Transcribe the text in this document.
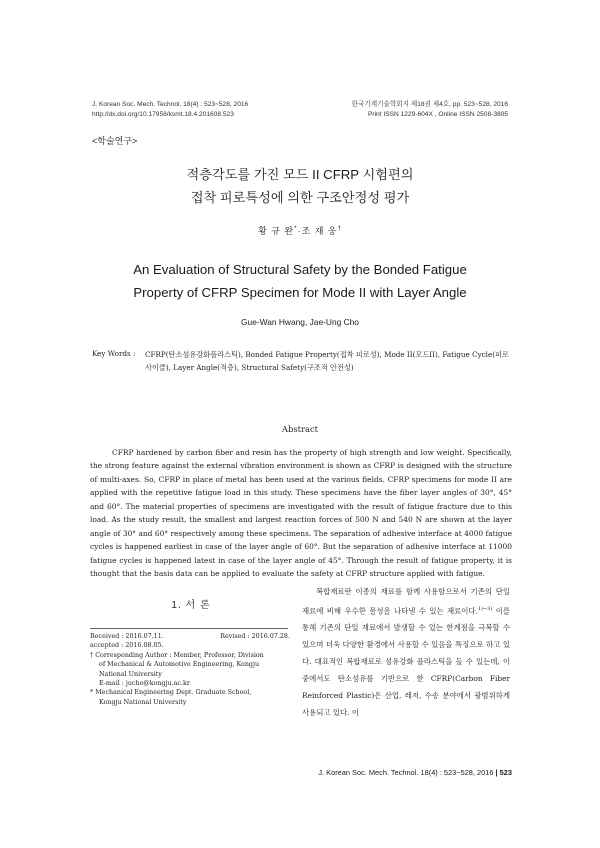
J. Korean Soc. Mech. Technol. 18(4) : 523~528, 2016
http://dx.doi.org/10.17958/ksmt.18.4.201608.523
한국기계기술학회지 제18권 제4호, pp. 523~528, 2016
Print ISSN 1229-604X , Online ISSN 2508-3805
<학술연구>
적층각도를 가진 모드 II CFRP 시험편의
접착 피로특성에 의한 구조안정성 평가
황 규 완*·조 재 웅†
An Evaluation of Structural Safety by the Bonded Fatigue
Property of CFRP Specimen for Mode II with Layer Angle
Gue-Wan Hwang, Jae-Ung Cho
Key Words : CFRP(탄소섬유강화플라스틱), Bonded Fatigue Property(접착 피로성), Mode II(모드II), Fatigue Cycle(피로 사이클), Layer Angle(적층), Structural Safety(구조적 안전성)
Abstract
CFRP hardened by carbon fiber and resin has the property of high strength and low weight. Specifically, the strong feature against the external vibration environment is shown as CFRP is designed with the structure of multi-axes. So, CFRP in place of metal has been used at the various fields. CFRP specimens for mode II are applied with the repetitive fatigue load in this study. These specimens have the fiber layer angles of 30°, 45° and 60°. The material properties of specimens are investigated with the result of fatigue fracture due to this load. As the study result, the smallest and largest reaction forces of 500 N and 540 N are shown at the layer angle of 30° and 60° respectively among these specimens. The separation of adhesive interface at 4000 fatigue cycles is happened earliest in case of the layer angle of 60°. But the separation of adhesive interface at 11000 fatigue cycles is happened latest in case of the layer angle of 45°. Through the result of fatigue property, it is thought that the basis data can be applied to evaluate the safety at CFRP structure applied with fatigue.
1. 서 론
Received : 2016.07.11.	Revised : 2016.07.28.
accepted : 2016.08.05.
† Corresponding Author : Member, Professor, Division
of Mechanical & Automotive Engineering, Kongju
National University
E-mail : jucho@kongju.ac.kr
* Mechanical Engineering Dept. Graduate School,
Kongju National University

복합재료란 이종의 재료를 함께 사용함으로서 기존의 단일 재료에 비해 우수한 물성을 나타낼 수 있는 재료이다.$^{1)\sim 3)}$ 이를 통해 기존의 단일 재료에서 발생할 수 있는 한계점을 극복할 수 있으며 더욱 다양한 환경에서 사용할 수 있음을 특징으로 하고 있다. 대표적인 복합재료로 섬유강화 플라스틱을 들 수 있는데, 이 중에서도 탄소섬유를 기반으로 한 CFRP(Carbon Fiber Reinforced Plastic)은 산업, 레저, 수송 분야에서 광범위하게 사용되고 있다. 이

J. Korean Soc. Mech. Technol. 18(4) : 523~528, 2016 | 523
